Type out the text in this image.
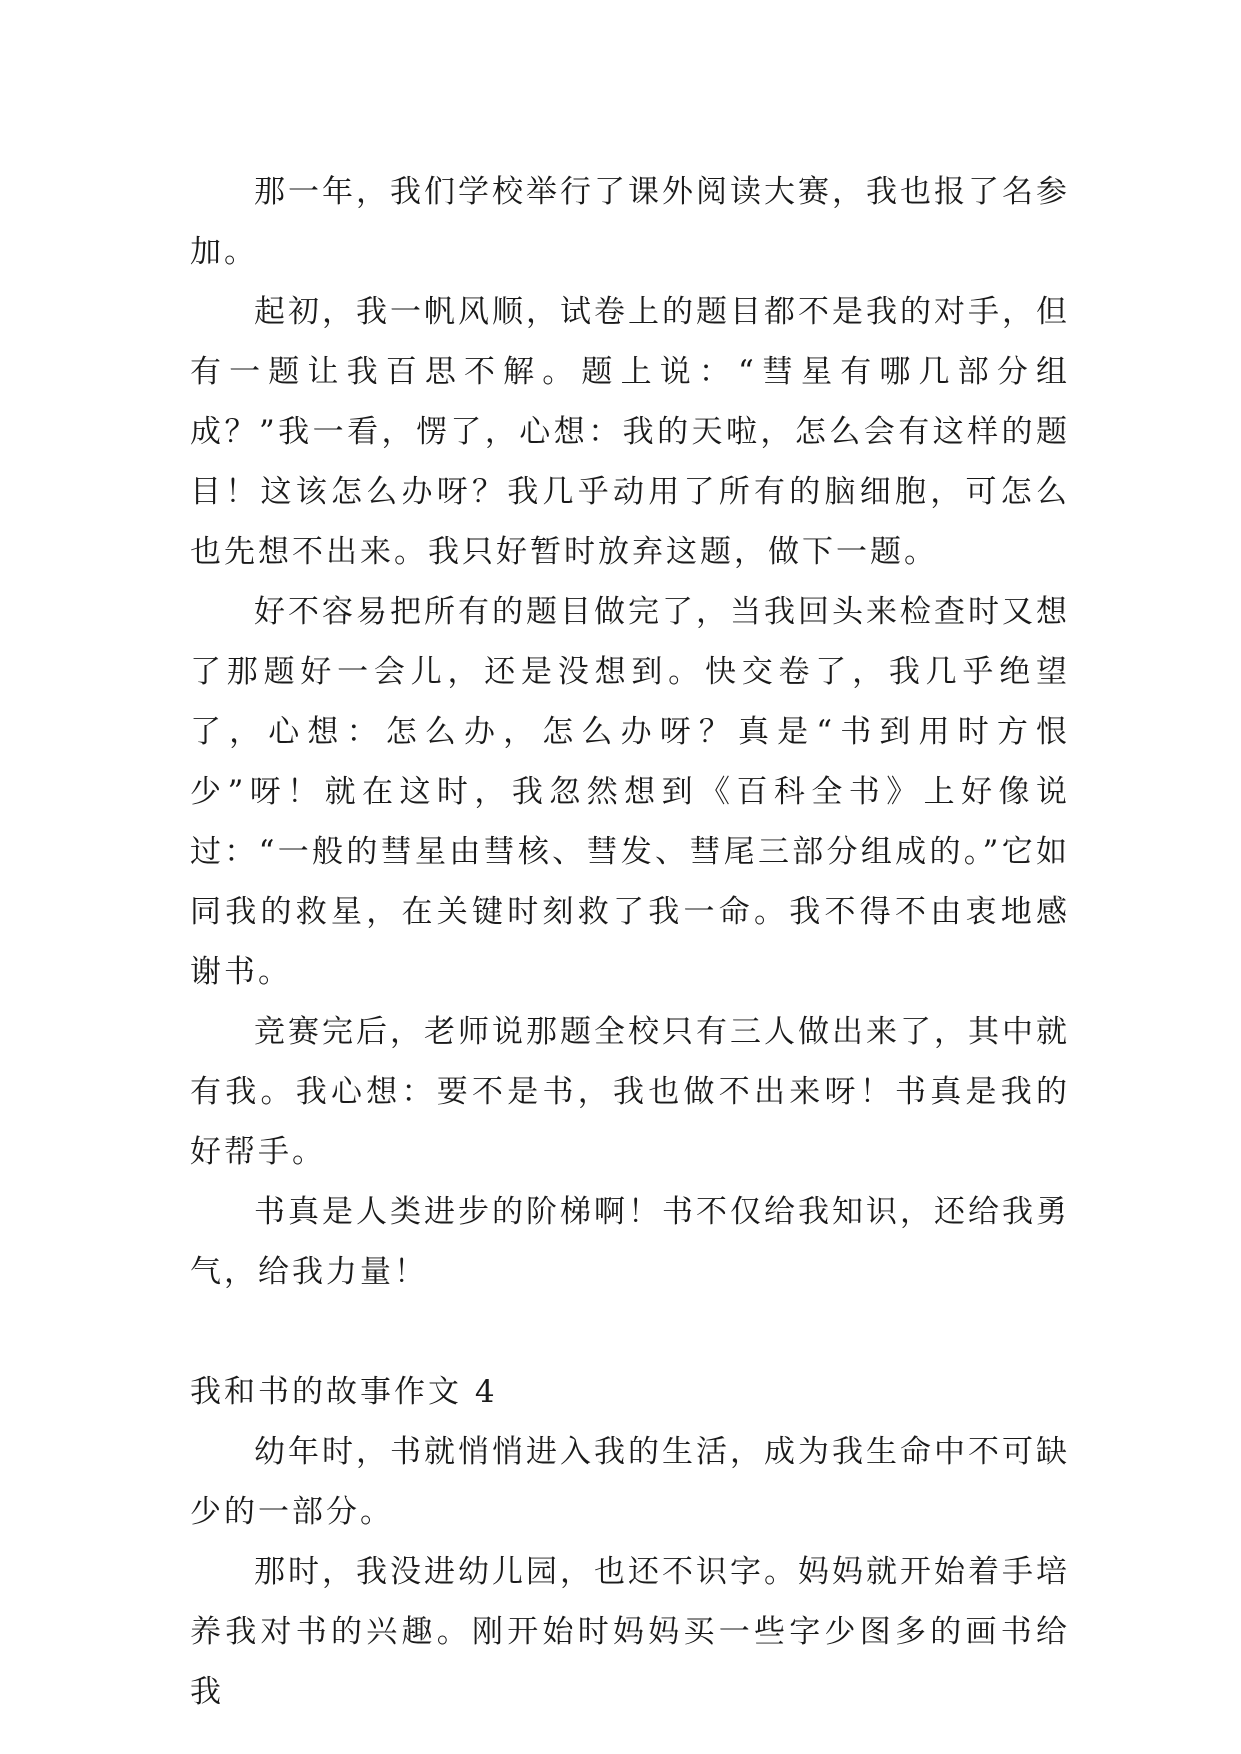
那一年，我们学校举行了课外阅读大赛，我也报了名参加。

起初，我一帆风顺，试卷上的题目都不是我的对手，但有一题让我百思不解。题上说：“彗星有哪几部分组成？”我一看，愣了，心想：我的天啦，怎么会有这样的题目！这该怎么办呀？我几乎动用了所有的脑细胞，可怎么也先想不出来。我只好暂时放弃这题，做下一题。

好不容易把所有的题目做完了，当我回头来检查时又想了那题好一会儿，还是没想到。快交卷了，我几乎绝望了，心想：怎么办，怎么办呀？真是“书到用时方恨少”呀！就在这时，我忽然想到《百科全书》上好像说过：“一般的彗星由彗核、彗发、彗尾三部分组成的。”它如同我的救星，在关键时刻救了我一命。我不得不由衷地感谢书。

竞赛完后，老师说那题全校只有三人做出来了，其中就有我。我心想：要不是书，我也做不出来呀！书真是我的好帮手。

书真是人类进步的阶梯啊！书不仅给我知识，还给我勇气，给我力量！

我和书的故事作文 4

幼年时，书就悄悄进入我的生活，成为我生命中不可缺少的一部分。

那时，我没进幼儿园，也还不识字。妈妈就开始着手培养我对书的兴趣。刚开始时妈妈买一些字少图多的画书给我
